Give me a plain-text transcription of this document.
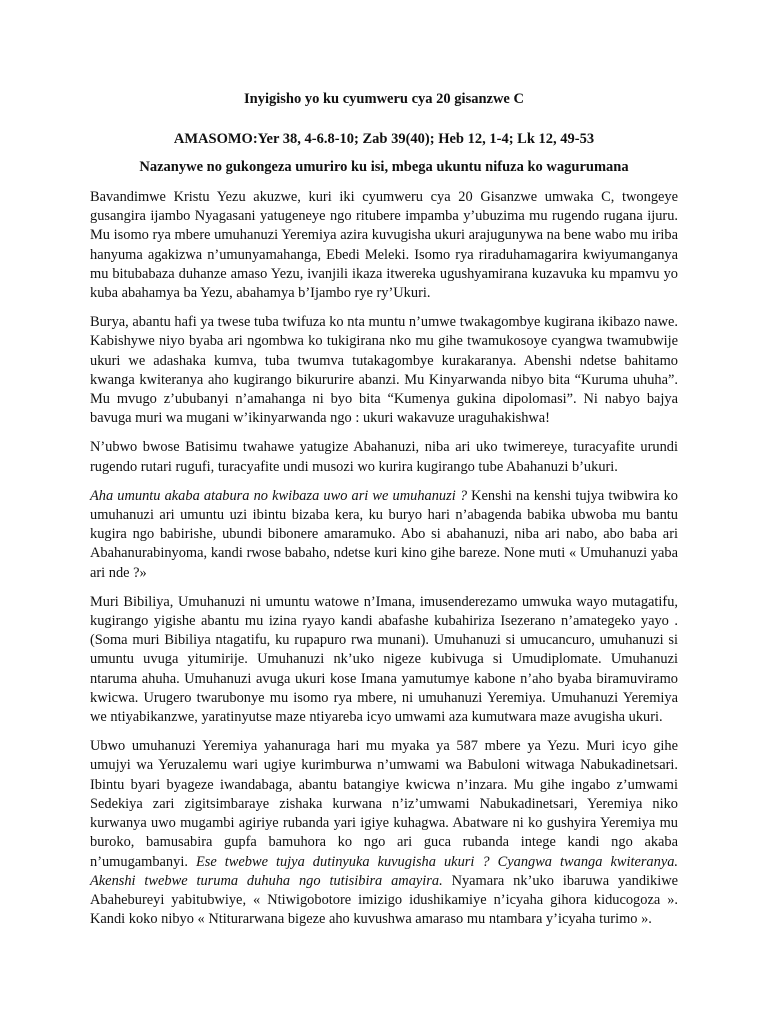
Inyigisho yo ku cyumweru cya 20 gisanzwe C

AMASOMO:Yer 38, 4-6.8-10; Zab 39(40); Heb 12, 1-4; Lk 12, 49-53

Nazanywe no gukongeza umuriro ku isi, mbega ukuntu nifuza ko wagurumana

Bavandimwe Kristu Yezu akuzwe, kuri iki cyumweru cya 20 Gisanzwe umwaka C, twongeye gusangira ijambo Nyagasani yatugeneye ngo ritubere impamba y’ubuzima mu rugendo rugana ijuru. Mu isomo rya mbere umuhanuzi Yeremiya azira kuvugisha ukuri arajugunywa na bene wabo mu iriba hanyuma agakizwa n’umunyamahanga, Ebedi Meleki. Isomo rya riraduhamagarira kwiyumanganya mu bitubabaza duhanze amaso Yezu, ivanjili ikaza itwereka ugushyamirana kuzavuka ku mpamvu yo kuba abahamya ba Yezu, abahamya b’Ijambo rye ry’Ukuri.

Burya, abantu hafi ya twese tuba twifuza ko nta muntu n’umwe twakagombye kugirana ikibazo nawe. Kabishywe niyo byaba ari ngombwa ko tukigirana nko mu gihe twamukosoye cyangwa twamubwije ukuri we adashaka kumva, tuba twumva tutakagombye kurakaranya. Abenshi ndetse bahitamo kwanga kwiteranya aho kugirango bikururire abanzi. Mu Kinyarwanda nibyo bita “Kuruma uhuha”. Mu mvugo z’ububanyi n’amahanga ni byo bita “Kumenya gukina dipolomasi”. Ni nabyo bajya bavuga muri wa mugani w’ikinyarwanda ngo : ukuri wakavuze uraguhakishwa!

N’ubwo bwose Batisimu twahawe yatugize Abahanuzi, niba ari uko twimereye, turacyafite urundi rugendo rutari rugufi, turacyafite undi musozi wo kurira kugirango tube Abahanuzi b’ukuri.

Aha umuntu akaba atabura no kwibaza uwo ari we umuhanuzi ? Kenshi na kenshi tujya twibwira ko umuhanuzi ari umuntu uzi ibintu bizaba kera, ku buryo hari n’abagenda babika ubwoba mu bantu kugira ngo babirishe, ubundi bibonere amaramuko. Abo si abahanuzi, niba ari nabo, abo baba ari Abahanurabinyoma, kandi rwose babaho, ndetse kuri kino gihe bareze. None muti « Umuhanuzi yaba ari nde ?»

Muri Bibiliya, Umuhanuzi ni umuntu watowe n’Imana, imusenderezamo umwuka wayo mutagatifu, kugirango yigishe abantu mu izina ryayo kandi abafashe kubahiriza Isezerano n’amategeko yayo . (Soma muri Bibiliya ntagatifu, ku rupapuro rwa munani). Umuhanuzi si umucancuro, umuhanuzi si umuntu uvuga yitumirije. Umuhanuzi nk’uko nigeze kubivuga si Umudiplomate. Umuhanuzi ntaruma ahuha. Umuhanuzi avuga ukuri kose Imana yamutumye kabone n’aho byaba biramuviramo kwicwa. Urugero twarubonye mu isomo rya mbere, ni umuhanuzi Yeremiya. Umuhanuzi Yeremiya we ntiyabikanzwe, yaratinyutse maze ntiyareba icyo umwami aza kumutwara maze avugisha ukuri.

Ubwo umuhanuzi Yeremiya yahanuraga hari mu myaka ya 587 mbere ya Yezu. Muri icyo gihe umujyi wa Yeruzalemu wari ugiye kurimburwa n’umwami wa Babuloni witwaga Nabukadinetsari. Ibintu byari byageze iwandabaga, abantu batangiye kwicwa n’inzara. Mu gihe ingabo z’umwami Sedekiya zari zigitsimbaraye zishaka kurwana n’iz’umwami Nabukadinetsari, Yeremiya niko kurwanya uwo mugambi agiriye rubanda yari igiye kuhagwa. Abatware ni ko gushyira Yeremiya mu buroko, bamusabira gupfa bamuhora ko ngo ari guca rubanda intege kandi ngo akaba n’umugambanyi. Ese twebwe tujya dutinyuka kuvugisha ukuri ? Cyangwa twanga kwiteranya. Akenshi twebwe turuma duhuha ngo tutisibira amayira. Nyamara nk’uko ibaruwa yandikiwe Abahebureyi yabitubwiye, « Ntiwigobotore imizigo idushikamiye n’icyaha gihora kiducogoza ». Kandi koko nibyo « Ntiturarwana bigeze aho kuvushwa amaraso mu ntambara y’icyaha turimo ».
